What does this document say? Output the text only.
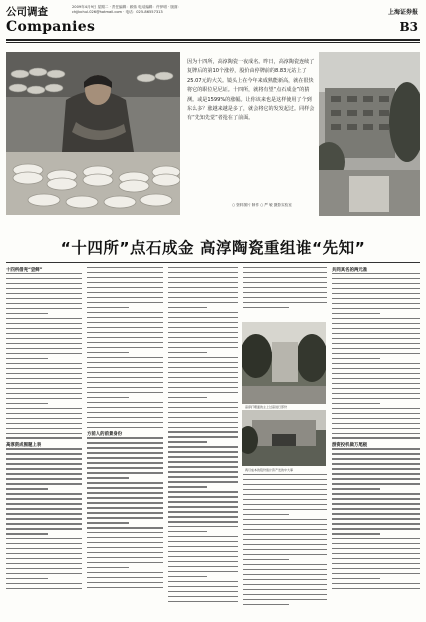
公司调查	2009年4月9日 星期二 · 责任编辑：顾伟 电话编辑：许伊明 · 版面：chjjbchul.026@hotmail.com · 电话：025-86557313
Companies
上海证券报
B3
因为十四所，高淳陶瓷一夜成名。昨日，高淳陶瓷连续了复牌后的第10个涨停，股价由停牌前的8.83元站上了25.07元的大关。镜头上在今年来成熟能新高，就在很快将它的职位尼尼证。十四所，就将有望“点石成金”的猜测。或是1599%的涨幅。让你该来也是这样使用了个到东么多？涨越来越是多了，就会将它的发发起过。同样会有“先知先觉”者抢在了前面。
○ 资料图片 制作 ○ 严 敏 摄影实验室
“十四所”点石成金 高淳陶瓷重组谁“先知”
十四所借壳“尝鲜”
高淳资成围题上表
方前人的前景身份
高淳打理面的主上过高进行部份
两月成本的股份值计资产发的中大事
共同其名的两元准
游资投机做万尾极
